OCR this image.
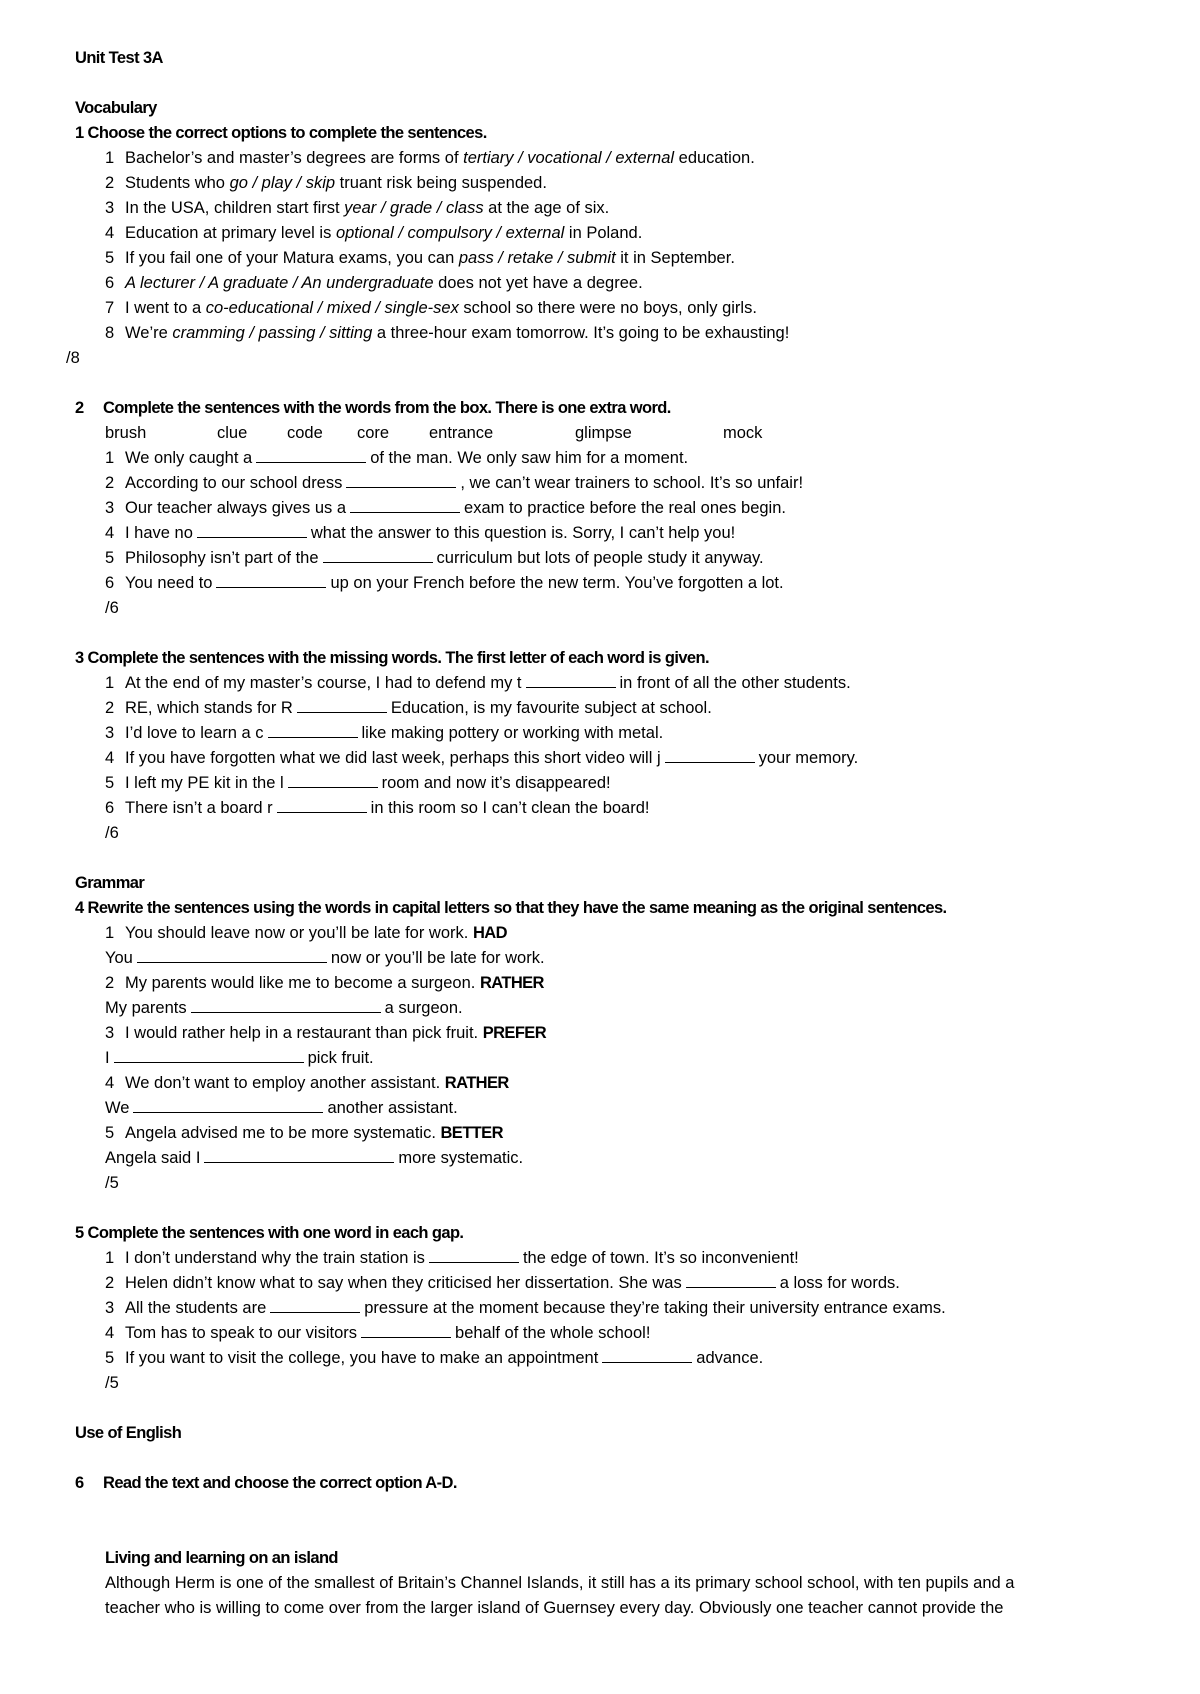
Unit Test 3A
Vocabulary
1 Choose the correct options to complete the sentences.
1 Bachelor’s and master’s degrees are forms of tertiary / vocational / external education.
2 Students who go / play / skip truant risk being suspended.
3 In the USA, children start first year / grade / class at the age of six.
4 Education at primary level is optional / compulsory / external in Poland.
5 If you fail one of your Matura exams, you can pass / retake / submit it in September.
6 A lecturer / A graduate / An undergraduate does not yet have a degree.
7 I went to a co-educational / mixed / single-sex school so there were no boys, only girls.
8 We’re cramming / passing / sitting a three-hour exam tomorrow. It’s going to be exhausting!
/8
2 Complete the sentences with the words from the box. There is one extra word.
brush	clue code core entrance	glimpse	mock
1 We only caught a	of the man. We only saw him for a moment.
2 According to our school dress	, we can’t wear trainers to school. It’s so unfair!
3 Our teacher always gives us a	exam to practice before the real ones begin.
4 I have no	what the answer to this question is. Sorry, I can’t help you!
5 Philosophy isn’t part of the	curriculum but lots of people study it anyway.
6 You need to	up on your French before the new term. You’ve forgotten a lot.
/6
3 Complete the sentences with the missing words. The first letter of each word is given.
1 At the end of my master’s course, I had to defend my t	in front of all the other students.
2 RE, which stands for R	Education, is my favourite subject at school.
3 I’d love to learn a c	like making pottery or working with metal.
4 If you have forgotten what we did last week, perhaps this short video will j	your memory.
5 I left my PE kit in the l	room and now it’s disappeared!
6 There isn’t a board r	in this room so I can’t clean the board!
/6
Grammar
4 Rewrite the sentences using the words in capital letters so that they have the same meaning as the original sentences.
1 You should leave now or you’ll be late for work. HAD
You	now or you’ll be late for work.
2 My parents would like me to become a surgeon. RATHER
My parents	a surgeon.
3 I would rather help in a restaurant than pick fruit. PREFER
I	pick fruit.
4 We don’t want to employ another assistant. RATHER
We	another assistant.
5 Angela advised me to be more systematic. BETTER
Angela said I	more systematic.
/5
5 Complete the sentences with one word in each gap.
1 I don’t understand why the train station is	the edge of town. It’s so inconvenient!
2 Helen didn’t know what to say when they criticised her dissertation. She was	a loss for words.
3 All the students are	pressure at the moment because they’re taking their university entrance exams.
4 Tom has to speak to our visitors	behalf of the whole school!
5 If you want to visit the college, you have to make an appointment	advance.
/5
Use of English
6 Read the text and choose the correct option A-D.
Living and learning on an island
Although Herm is one of the smallest of Britain’s Channel Islands, it still has a its primary school school, with ten pupils and a
teacher who is willing to come over from the larger island of Guernsey every day. Obviously one teacher cannot provide the
